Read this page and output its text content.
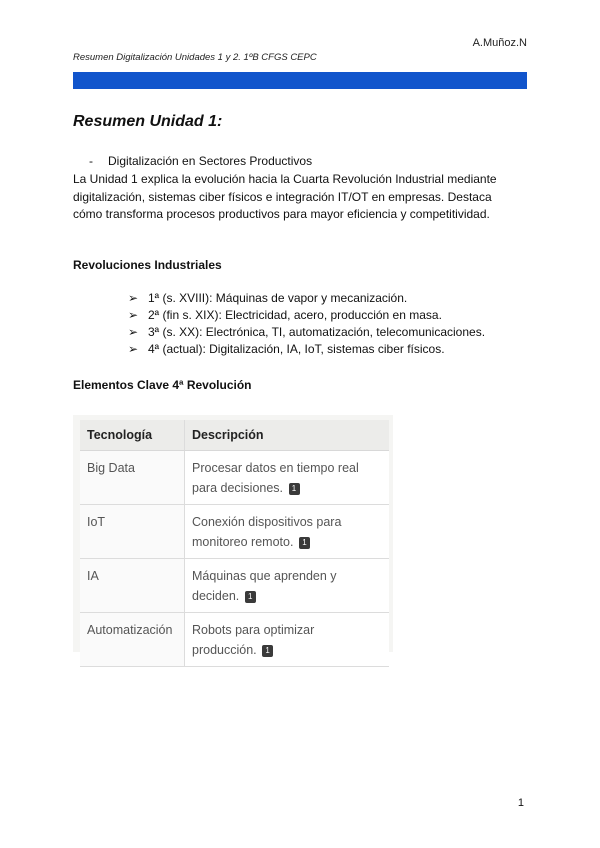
A.Muñoz.N
Resumen Digitalización Unidades 1 y 2. 1ºB CFGS CEPC
Resumen Unidad 1:
-	Digitalización en Sectores Productivos
La Unidad 1 explica la evolución hacia la Cuarta Revolución Industrial mediante digitalización, sistemas ciber físicos e integración IT/OT en empresas. Destaca cómo transforma procesos productivos para mayor eficiencia y competitividad.
Revoluciones Industriales
➢ 1ª (s. XVIII): Máquinas de vapor y mecanización.
➢ 2ª (fin s. XIX): Electricidad, acero, producción en masa.
➢ 3ª (s. XX): Electrónica, TI, automatización, telecomunicaciones.
➢ 4ª (actual): Digitalización, IA, IoT, sistemas ciber físicos.
Elementos Clave 4ª Revolución
Tecnología	Descripción
Big Data	Procesar datos en tiempo real para decisiones. 1
IoT	Conexión dispositivos para monitoreo remoto. 1
IA	Máquinas que aprenden y deciden. 1
Automatización	Robots para optimizar producción. 1
1
